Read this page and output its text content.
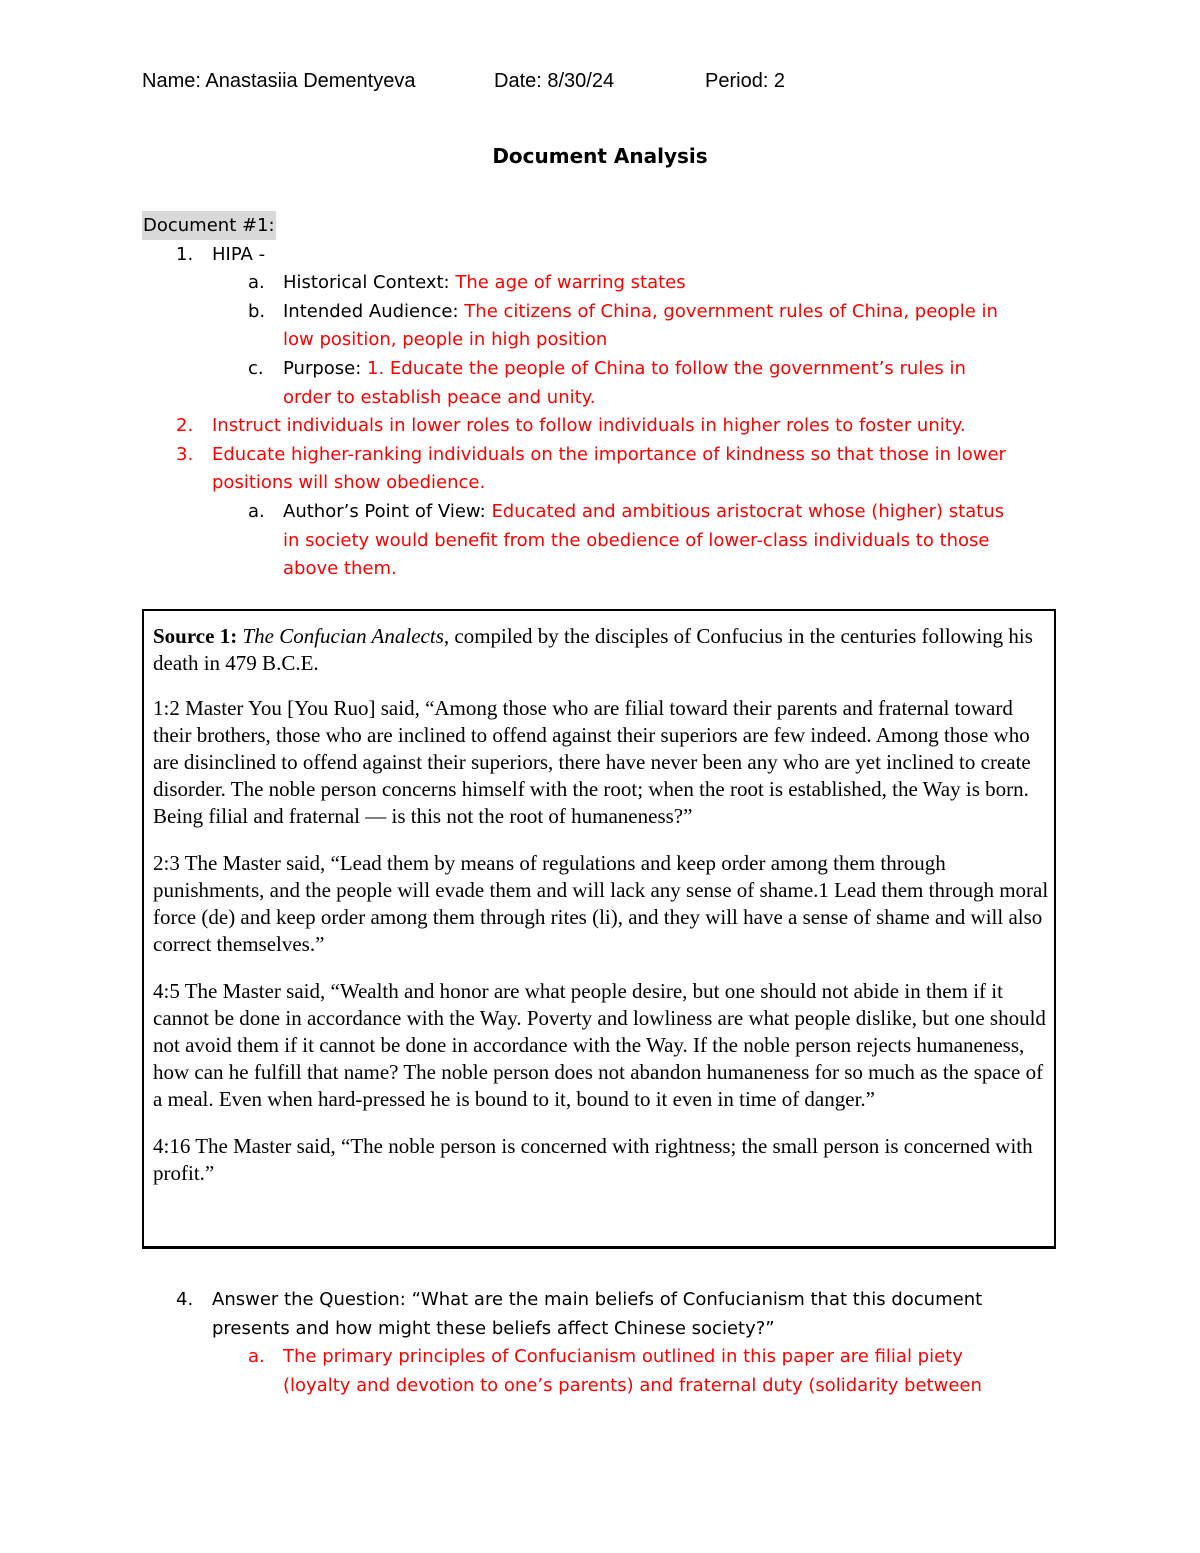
Name: Anastasiia Dementyeva	Date: 8/30/24	Period: 2
Document Analysis
Document #1:
1. HIPA -
a. Historical Context: The age of warring states
b. Intended Audience: The citizens of China, government rules of China, people in
low position, people in high position
c. Purpose: 1. Educate the people of China to follow the government’s rules in
order to establish peace and unity.
2. Instruct individuals in lower roles to follow individuals in higher roles to foster unity.
3. Educate higher-ranking individuals on the importance of kindness so that those in lower
positions will show obedience.
a. Author’s Point of View: Educated and ambitious aristocrat whose (higher) status
in society would benefit from the obedience of lower-class individuals to those
above them.

Source 1: The Confucian Analects, compiled by the disciples of Confucius in the centuries following his death in 479 B.C.E.

1:2 Master You [You Ruo] said, “Among those who are filial toward their parents and fraternal toward their brothers, those who are inclined to offend against their superiors are few indeed. Among those who are disinclined to offend against their superiors, there have never been any who are yet inclined to create disorder. The noble person concerns himself with the root; when the root is established, the Way is born. Being filial and fraternal — is this not the root of humaneness?”

2:3 The Master said, “Lead them by means of regulations and keep order among them through punishments, and the people will evade them and will lack any sense of shame.1 Lead them through moral force (de) and keep order among them through rites (li), and they will have a sense of shame and will also correct themselves.”

4:5 The Master said, “Wealth and honor are what people desire, but one should not abide in them if it cannot be done in accordance with the Way. Poverty and lowliness are what people dislike, but one should not avoid them if it cannot be done in accordance with the Way. If the noble person rejects humaneness, how can he fulfill that name? The noble person does not abandon humaneness for so much as the space of a meal. Even when hard-pressed he is bound to it, bound to it even in time of danger.”

4:16 The Master said, “The noble person is concerned with rightness; the small person is concerned with profit.”

4. Answer the Question: “What are the main beliefs of Confucianism that this document
presents and how might these beliefs affect Chinese society?”
a. The primary principles of Confucianism outlined in this paper are filial piety
(loyalty and devotion to one’s parents) and fraternal duty (solidarity between
